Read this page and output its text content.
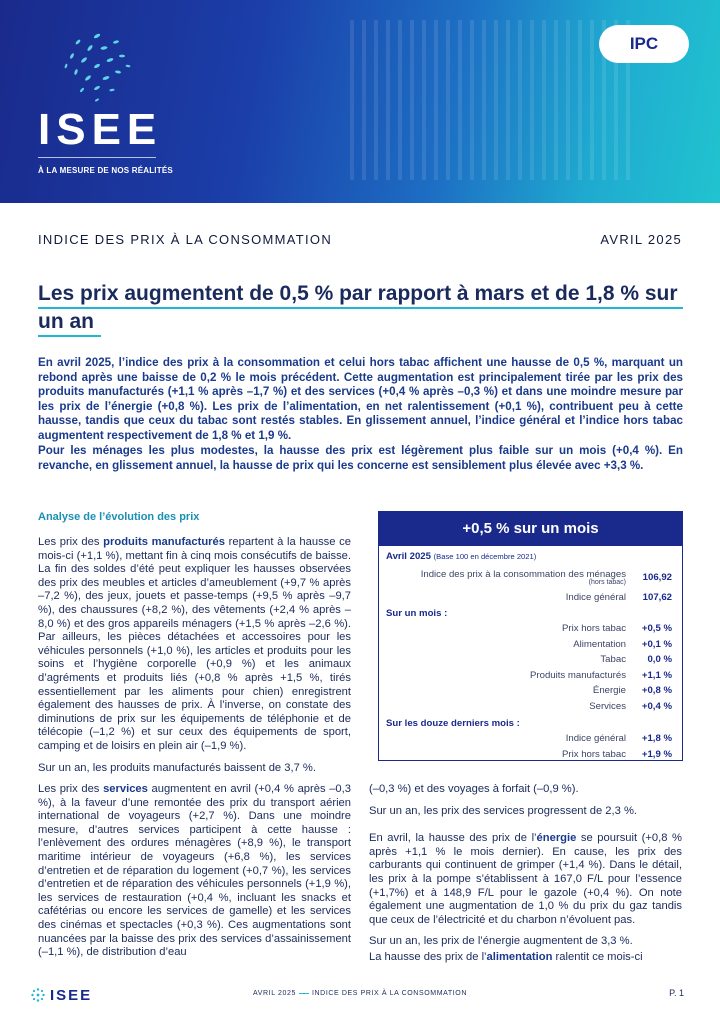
ISEE
À LA MESURE DE NOS RÉALITÉS
IPC
INDICE DES PRIX À LA CONSOMMATION	AVRIL 2025
Les prix augmentent de 0,5 % par rapport à mars et de 1,8 % sur un an
En avril 2025, l’indice des prix à la consommation et celui hors tabac affichent une hausse de 0,5 %, marquant un rebond après une baisse de 0,2 % le mois précédent. Cette augmentation est principalement tirée par les prix des produits manufacturés (+1,1 % après –1,7 %) et des services (+0,4 % après –0,3 %) et dans une moindre mesure par les prix de l’énergie (+0,8 %). Les prix de l’alimentation, en net ralentissement (+0,1 %), contribuent peu à cette hausse, tandis que ceux du tabac sont restés stables. En glissement annuel, l’indice général et l’indice hors tabac augmentent respectivement de 1,8 % et 1,9 %.
Pour les ménages les plus modestes, la hausse des prix est légèrement plus faible sur un mois (+0,4 %). En revanche, en glissement annuel, la hausse de prix qui les concerne est sensiblement plus élevée avec +3,3 %.
Analyse de l’évolution des prix

Les prix des produits manufacturés repartent à la hausse ce mois-ci (+1,1 %), mettant fin à cinq mois consécutifs de baisse. La fin des soldes d’été peut expliquer les hausses observées des prix des meubles et articles d’ameublement (+9,7 % après –7,2 %), des jeux, jouets et passe-temps (+9,5 % après –9,7 %), des chaussures (+8,2 %), des vêtements (+2,4 % après –8,0 %) et des gros appareils ménagers (+1,5 % après –2,6 %). Par ailleurs, les pièces détachées et accessoires pour les véhicules personnels (+1,0 %), les articles et produits pour les soins et l’hygiène corporelle (+0,9 %) et les animaux d’agréments et produits liés (+0,8 % après +1,5 %, tirés essentiellement par les aliments pour chien) enregistrent également des hausses de prix. À l’inverse, on constate des diminutions de prix sur les équipements de téléphonie et de télécopie (–1,2 %) et sur ceux des équipements de sport, camping et de loisirs en plein air (–1,9 %).

Sur un an, les produits manufacturés baissent de 3,7 %.

Les prix des services augmentent en avril (+0,4 % après –0,3 %), à la faveur d’une remontée des prix du transport aérien international de voyageurs (+2,7 %). Dans une moindre mesure, d’autres services participent à cette hausse : l’enlèvement des ordures ménagères (+8,9 %), le transport maritime intérieur de voyageurs (+6,8 %), les services d’entretien et de réparation du logement (+0,7 %), les services d’entretien et de réparation des véhicules personnels (+1,9 %), les services de restauration (+0,4 %, incluant les snacks et cafétérias ou encore les services de gamelle) et les services des cinémas et spectacles (+0,3 %). Ces augmentations sont nuancées par la baisse des prix des services d’assainissement (–1,1 %), de distribution d’eau

(–0,3 %) et des voyages à forfait (–0,9 %).

Sur un an, les prix des services progressent de 2,3 %.

En avril, la hausse des prix de l’énergie se poursuit (+0,8 % après +1,1 % le mois dernier). En cause, les prix des carburants qui continuent de grimper (+1,4 %). Dans le détail, les prix à la pompe s’établissent à 167,0 F/L pour l’essence (+1,7%) et à 148,9 F/L pour le gazole (+0,4 %). On note également une augmentation de 1,0 % du prix du gaz tandis que ceux de l’électricité et du charbon n’évoluent pas.

Sur un an, les prix de l’énergie augmentent de 3,3 %.

La hausse des prix de l’alimentation ralentit ce mois-ci

+0,5 % sur un mois
Avril 2025 (Base 100 en décembre 2021)
Indice des prix à la consommation des ménages
(hors tabac)	106,92
Indice général	107,62
Sur un mois :
Prix hors tabac	+0,5 %
Alimentation	+0,1 %
Tabac	0,0 %
Produits manufacturés	+1,1 %
Énergie	+0,8 %
Services	+0,4 %
Sur les douze derniers mois :
Indice général	+1,8 %
Prix hors tabac	+1,9 %
ISEE	AVRIL 2025 INDICE DES PRIX À LA CONSOMMATION	P. 1
